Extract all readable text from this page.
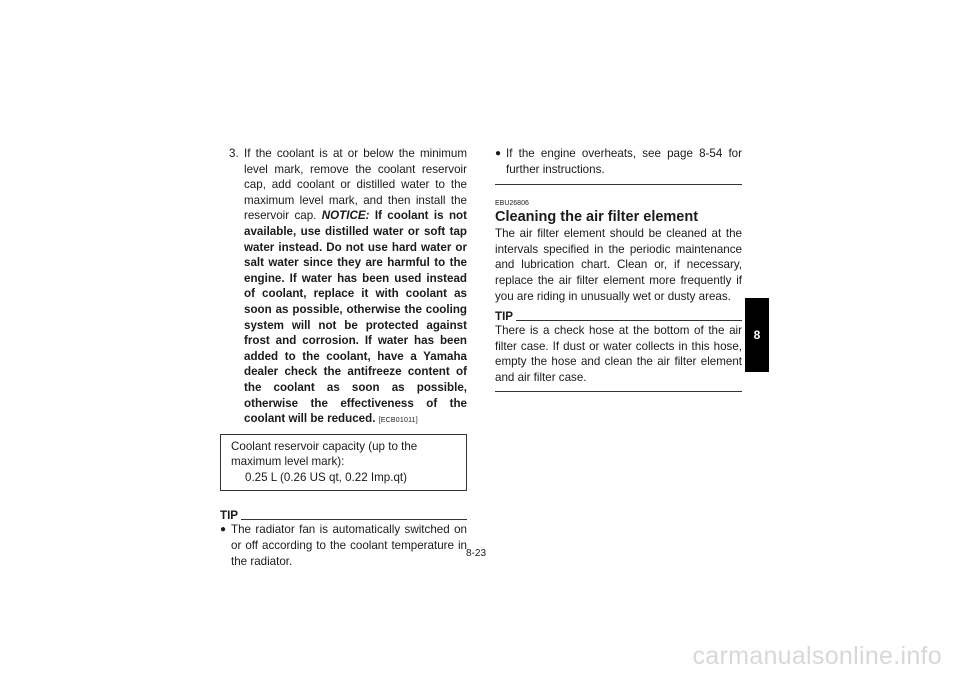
3. If the coolant is at or below the minimum level mark, remove the coolant reservoir cap, add coolant or distilled water to the maximum level mark, and then install the reservoir cap. NOTICE: If coolant is not available, use distilled water or soft tap water instead. Do not use hard water or salt water since they are harmful to the engine. If water has been used instead of coolant, replace it with coolant as soon as possible, otherwise the cooling system will not be protected against frost and corrosion. If water has been added to the coolant, have a Yamaha dealer check the antifreeze content of the coolant as soon as possible, otherwise the effectiveness of the coolant will be reduced. [ECB01011]
Coolant reservoir capacity (up to the maximum level mark):
0.25 L (0.26 US qt, 0.22 Imp.qt)
TIP
● The radiator fan is automatically switched on or off according to the coolant temperature in the radiator.
● If the engine overheats, see page 8-54 for further instructions.
EBU26806
Cleaning the air filter element
The air filter element should be cleaned at the intervals specified in the periodic maintenance and lubrication chart. Clean or, if necessary, replace the air filter element more frequently if you are riding in unusually wet or dusty areas.
TIP
There is a check hose at the bottom of the air filter case. If dust or water collects in this hose, empty the hose and clean the air filter element and air filter case.
8-23
8
carmanualsonline.info
